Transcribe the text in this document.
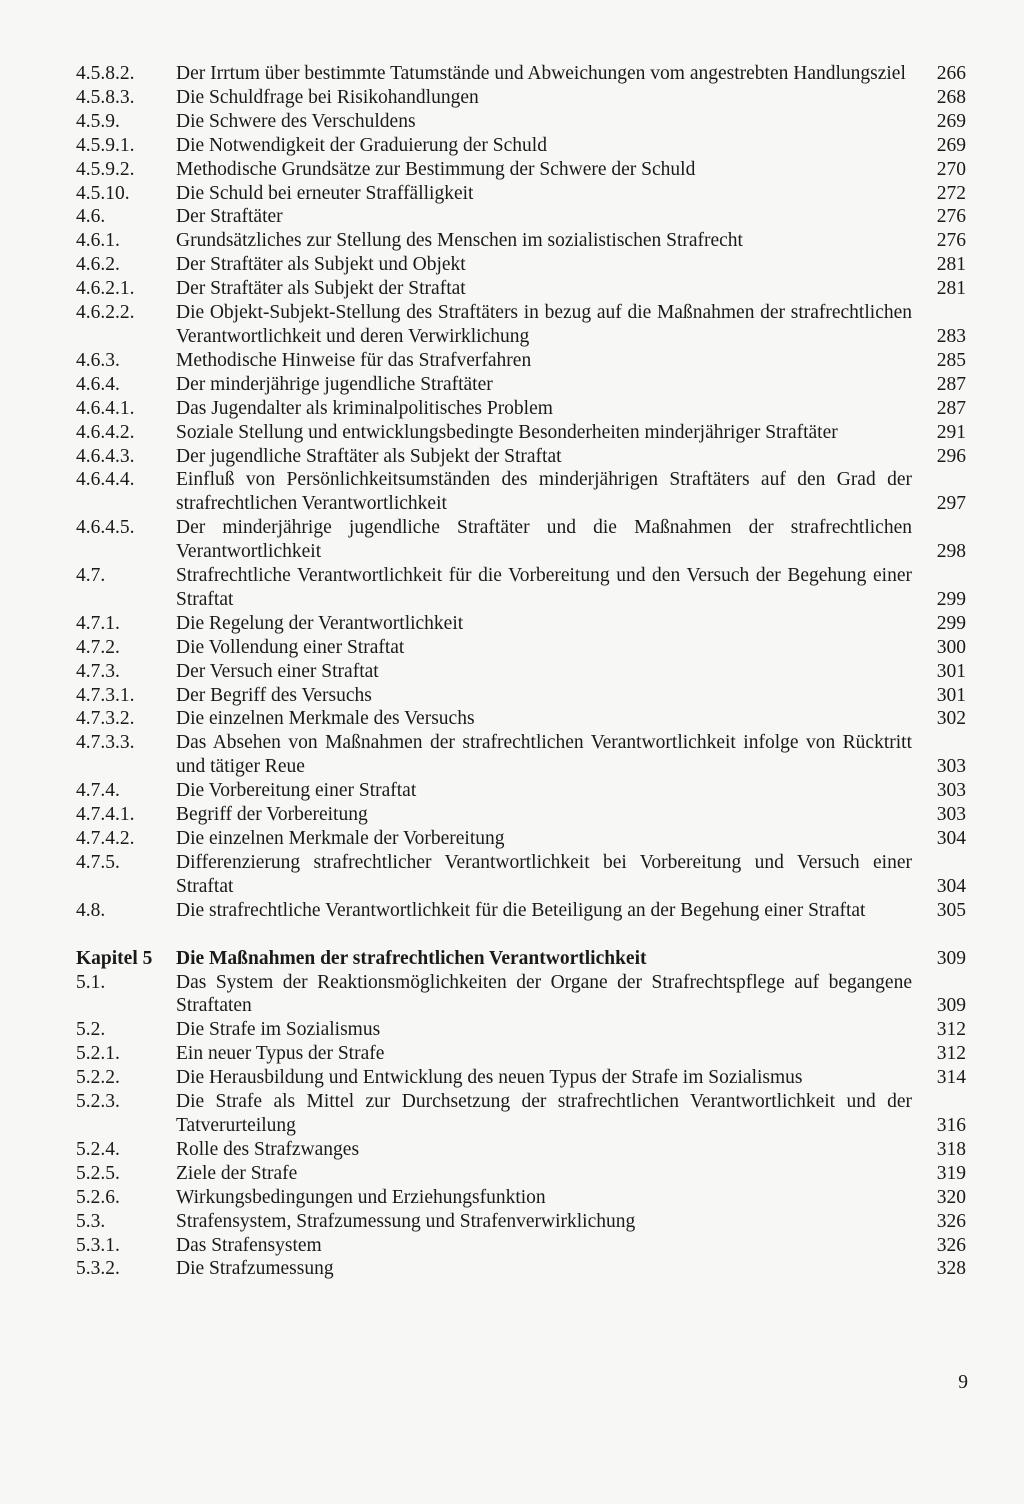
4.5.8.2.	Der Irrtum über bestimmte Tatumstände und Abweichungen vom angestrebten Handlungsziel	266
4.5.8.3.	Die Schuldfrage bei Risikohandlungen	268
4.5.9.	Die Schwere des Verschuldens	269
4.5.9.1.	Die Notwendigkeit der Graduierung der Schuld	269
4.5.9.2.	Methodische Grundsätze zur Bestimmung der Schwere der Schuld	270
4.5.10.	Die Schuld bei erneuter Straffälligkeit	272
4.6.	Der Straftäter	276
4.6.1.	Grundsätzliches zur Stellung des Menschen im sozialistischen Strafrecht	276
4.6.2.	Der Straftäter als Subjekt und Objekt	281
4.6.2.1.	Der Straftäter als Subjekt der Straftat	281
4.6.2.2.	Die Objekt-Subjekt-Stellung des Straftäters in bezug auf die Maßnahmen der strafrechtlichen Verantwortlichkeit und deren Verwirklichung	283
4.6.3.	Methodische Hinweise für das Strafverfahren	285
4.6.4.	Der minderjährige jugendliche Straftäter	287
4.6.4.1.	Das Jugendalter als kriminalpolitisches Problem	287
4.6.4.2.	Soziale Stellung und entwicklungsbedingte Besonderheiten minderjähriger Straftäter	291
4.6.4.3.	Der jugendliche Straftäter als Subjekt der Straftat	296
4.6.4.4.	Einfluß von Persönlichkeitsumständen des minderjährigen Straftäters auf den Grad der strafrechtlichen Verantwortlichkeit	297
4.6.4.5.	Der minderjährige jugendliche Straftäter und die Maßnahmen der strafrechtlichen Verantwortlichkeit	298
4.7.	Strafrechtliche Verantwortlichkeit für die Vorbereitung und den Versuch der Begehung einer Straftat	299
4.7.1.	Die Regelung der Verantwortlichkeit	299
4.7.2.	Die Vollendung einer Straftat	300
4.7.3.	Der Versuch einer Straftat	301
4.7.3.1.	Der Begriff des Versuchs	301
4.7.3.2.	Die einzelnen Merkmale des Versuchs	302
4.7.3.3.	Das Absehen von Maßnahmen der strafrechtlichen Verantwortlichkeit infolge von Rücktritt und tätiger Reue	303
4.7.4.	Die Vorbereitung einer Straftat	303
4.7.4.1.	Begriff der Vorbereitung	303
4.7.4.2.	Die einzelnen Merkmale der Vorbereitung	304
4.7.5.	Differenzierung strafrechtlicher Verantwortlichkeit bei Vorbereitung und Versuch einer Straftat	304
4.8.	Die strafrechtliche Verantwortlichkeit für die Beteiligung an der Begehung einer Straftat	305
Kapitel 5	Die Maßnahmen der strafrechtlichen Verantwortlichkeit	309
5.1.	Das System der Reaktionsmöglichkeiten der Organe der Strafrechtspflege auf begangene Straftaten	309
5.2.	Die Strafe im Sozialismus	312
5.2.1.	Ein neuer Typus der Strafe	312
5.2.2.	Die Herausbildung und Entwicklung des neuen Typus der Strafe im Sozialismus	314
5.2.3.	Die Strafe als Mittel zur Durchsetzung der strafrechtlichen Verantwortlichkeit und der Tatverurteilung	316
5.2.4.	Rolle des Strafzwanges	318
5.2.5.	Ziele der Strafe	319
5.2.6.	Wirkungsbedingungen und Erziehungsfunktion	320
5.3.	Strafensystem, Strafzumessung und Strafenverwirklichung	326
5.3.1.	Das Strafensystem	326
5.3.2.	Die Strafzumessung	328
9
